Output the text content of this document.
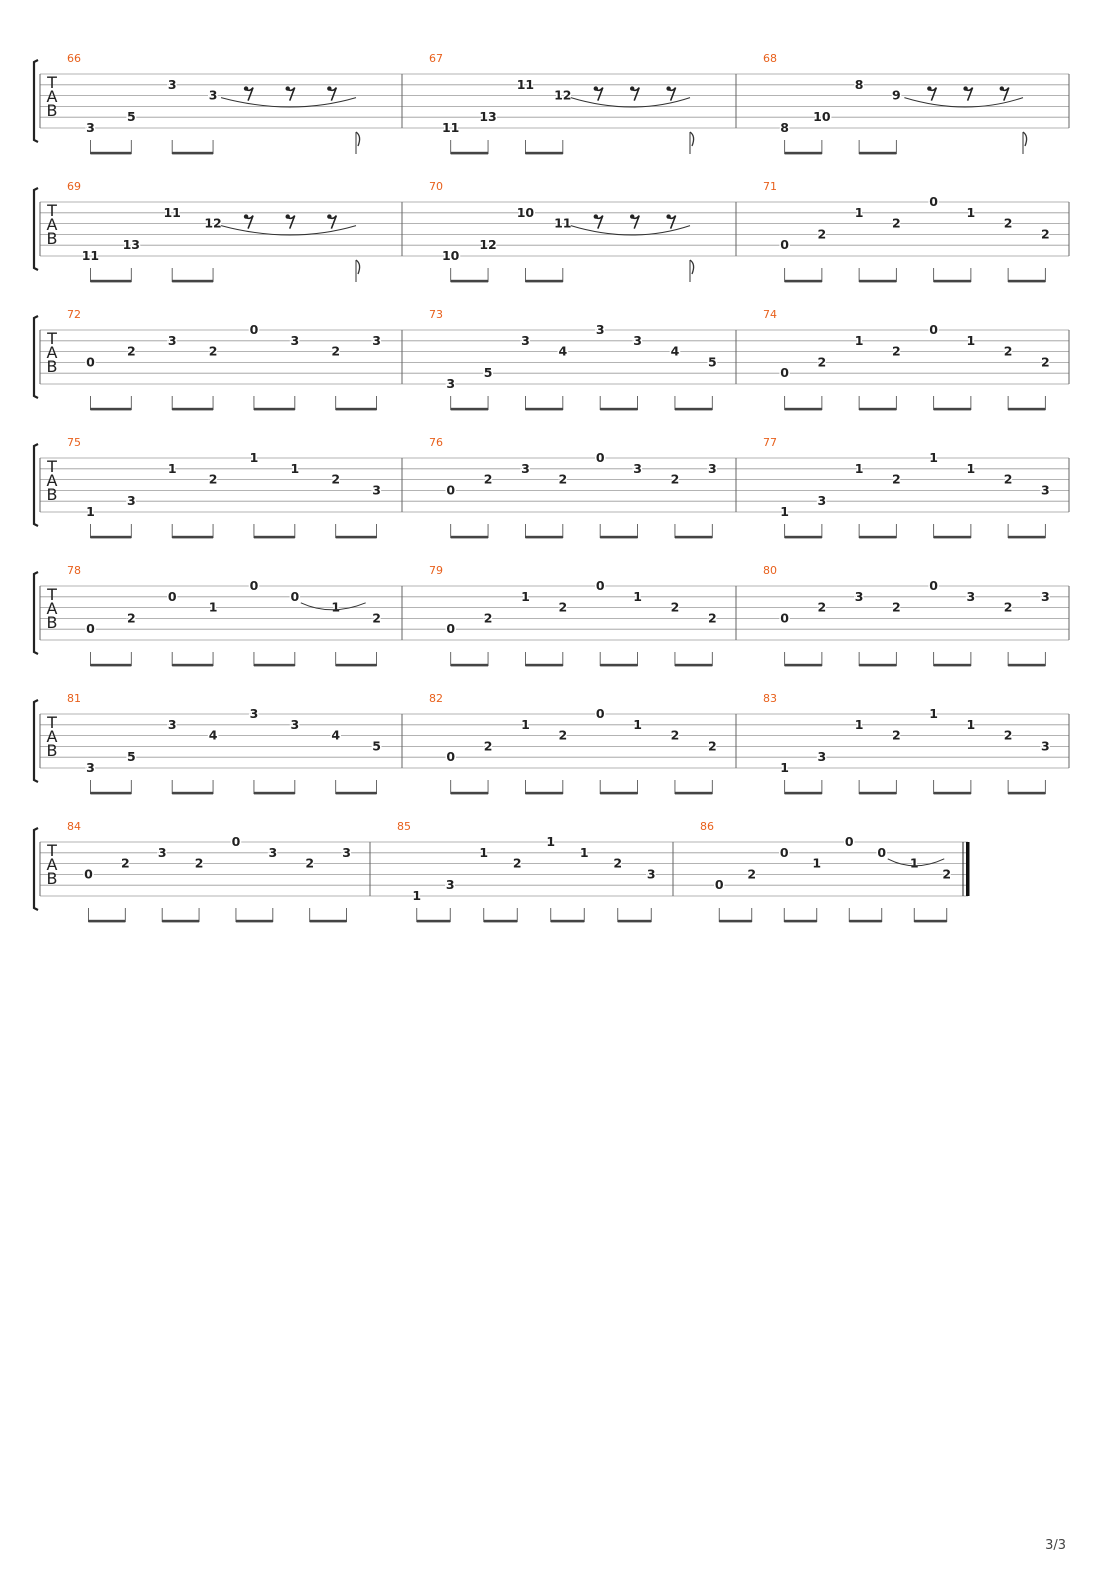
T
A
B
66
3
5
3
3
67
11
13
11
12
68
8
10
8
9
T
A
B
69
11
13
11
12
70
10
12
10
11
71
0
2
1
2
0
1
2
2
T
A
B
72
0
2
3
2
0
3
2
3
73
3
5
3
4
3
3
4
5
74
0
2
1
2
0
1
2
2
T
A
B
75
1
3
1
2
1
1
2
3
76
0
2
3
2
0
3
2
3
77
1
3
1
2
1
1
2
3
T
A
B
78
0
2
0
1
0
0
1
2
79
0
2
1
2
0
1
2
2
80
0
2
3
2
0
3
2
3
T
A
B
81
3
5
3
4
3
3
4
5
82
0
2
1
2
0
1
2
2
83
1
3
1
2
1
1
2
3
T
A
B
84
0
2
3
2
0
3
2
3
85
1
3
1
2
1
1
2
3
86
0
2
0
1
0
0
1
2
3/3
